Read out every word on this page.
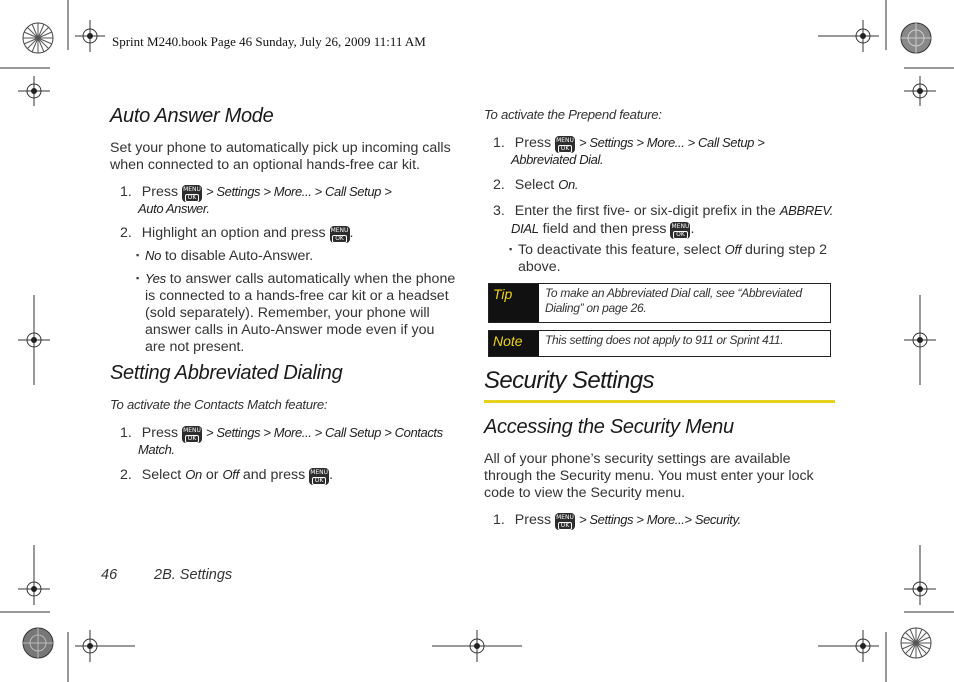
Sprint M240.book Page 46 Sunday, July 26, 2009 11:11 AM
Auto Answer Mode
Set your phone to automatically pick up incoming calls
when connected to an optional hands-free car kit.
1. Press MENU
OK > Settings > More... > Call Setup >
Auto Answer.
2. Highlight an option and press MENU
OK .
▪ No to disable Auto-Answer.
▪ Yes to answer calls automatically when the phone
is connected to a hands-free car kit or a headset
(sold separately). Remember, your phone will
answer calls in Auto-Answer mode even if you
are not present.
Setting Abbreviated Dialing
To activate the Contacts Match feature:
1. Press MENU
OK > Settings > More... > Call Setup > Contacts
Match.
2. Select On or Off and press MENU
OK .
To activate the Prepend feature:
1. Press MENU
OK > Settings > More... > Call Setup >
Abbreviated Dial.
2. Select On.
3. Enter the first five- or six-digit prefix in the ABBREV.
DIAL field and then press MENU
OK .
▪ To deactivate this feature, select Off during step 2
above.
Tip	To make an Abbreviated Dial call, see “Abbreviated
Dialing” on page 26.
Note	This setting does not apply to 911 or Sprint 411.
Security Settings
Accessing the Security Menu
All of your phone’s security settings are available
through the Security menu. You must enter your lock
code to view the Security menu.
1. Press MENU
OK > Settings > More...> Security.
46	2B. Settings
